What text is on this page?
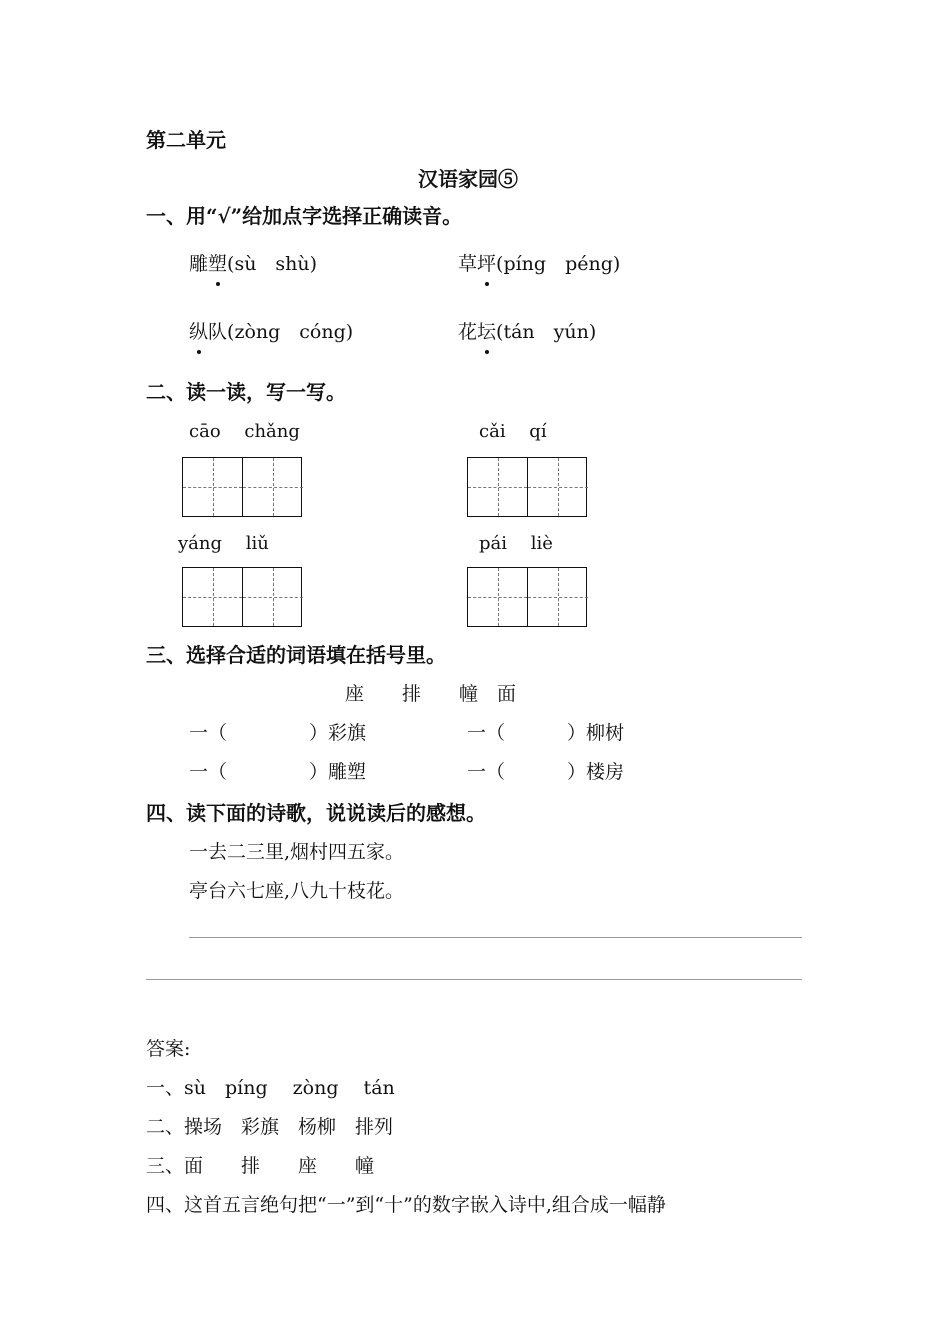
第二单元
汉语家园⑤
一、用“√”给加点字选择正确读音。
雕塑(sù　shù)	草坪(píng　péng)
纵队(zòng　cóng)	花坛(tán　yún)
二、读一读，写一写。
cāo　 chǎng	cǎi　 qí
yáng　 liǔ	pái　 liè
三、选择合适的词语填在括号里。
座　　排　　幢　面
一（	）彩旗	一（	）柳树
一（	）雕塑	一（	）楼房
四、读下面的诗歌，说说读后的感想。
一去二三里,烟村四五家。
亭台六七座,八九十枝花。
答案:
一、sù　píng　 zòng　 tán
二、操场　彩旗　杨柳　排列
三、面　　排　　座　　幢
四、这首五言绝句把“一”到“十”的数字嵌入诗中,组合成一幅静
